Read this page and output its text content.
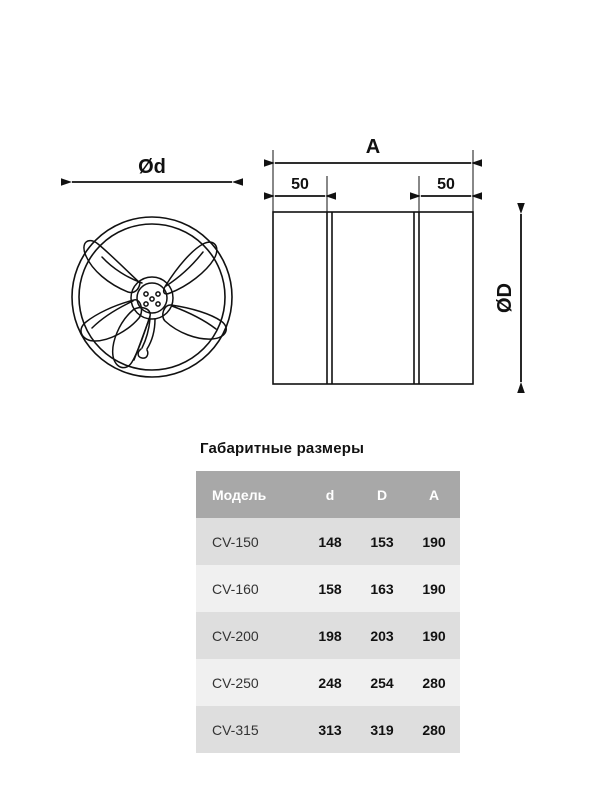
Ød
A
50	50
ØD
Габаритные размеры
Модель	d	D	A
CV-150	148	153	190
CV-160	158	163	190
CV-200	198	203	190
CV-250	248	254	280
CV-315	313	319	280
